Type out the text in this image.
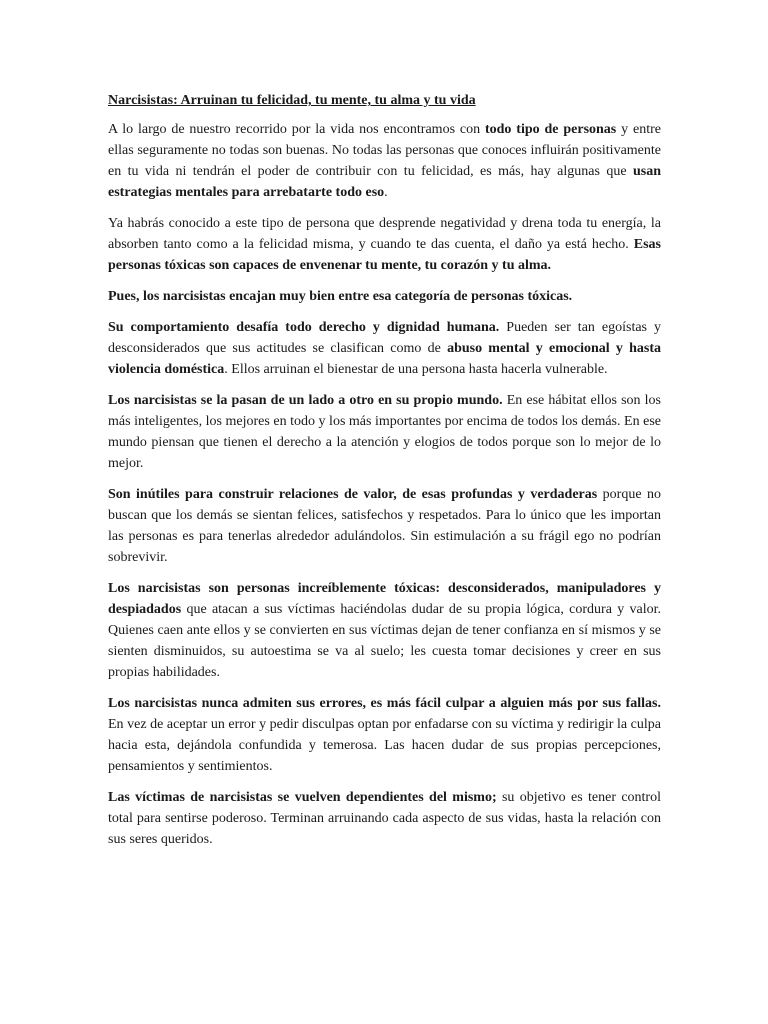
Narcisistas: Arruinan tu felicidad, tu mente, tu alma y tu vida

A lo largo de nuestro recorrido por la vida nos encontramos con todo tipo de personas y entre ellas seguramente no todas son buenas. No todas las personas que conoces influirán positivamente en tu vida ni tendrán el poder de contribuir con tu felicidad, es más, hay algunas que usan estrategias mentales para arrebatarte todo eso.

Ya habrás conocido a este tipo de persona que desprende negatividad y drena toda tu energía, la absorben tanto como a la felicidad misma, y cuando te das cuenta, el daño ya está hecho. Esas personas tóxicas son capaces de envenenar tu mente, tu corazón y tu alma.

Pues, los narcisistas encajan muy bien entre esa categoría de personas tóxicas.

Su comportamiento desafía todo derecho y dignidad humana. Pueden ser tan egoístas y desconsiderados que sus actitudes se clasifican como de abuso mental y emocional y hasta violencia doméstica. Ellos arruinan el bienestar de una persona hasta hacerla vulnerable.

Los narcisistas se la pasan de un lado a otro en su propio mundo. En ese hábitat ellos son los más inteligentes, los mejores en todo y los más importantes por encima de todos los demás. En ese mundo piensan que tienen el derecho a la atención y elogios de todos porque son lo mejor de lo mejor.

Son inútiles para construir relaciones de valor, de esas profundas y verdaderas porque no buscan que los demás se sientan felices, satisfechos y respetados. Para lo único que les importan las personas es para tenerlas alrededor adulándolos. Sin estimulación a su frágil ego no podrían sobrevivir.

Los narcisistas son personas increíblemente tóxicas: desconsiderados, manipuladores y despiadados que atacan a sus víctimas haciéndolas dudar de su propia lógica, cordura y valor. Quienes caen ante ellos y se convierten en sus víctimas dejan de tener confianza en sí mismos y se sienten disminuidos, su autoestima se va al suelo; les cuesta tomar decisiones y creer en sus propias habilidades.

Los narcisistas nunca admiten sus errores, es más fácil culpar a alguien más por sus fallas. En vez de aceptar un error y pedir disculpas optan por enfadarse con su víctima y redirigir la culpa hacia esta, dejándola confundida y temerosa. Las hacen dudar de sus propias percepciones, pensamientos y sentimientos.

Las víctimas de narcisistas se vuelven dependientes del mismo; su objetivo es tener control total para sentirse poderoso. Terminan arruinando cada aspecto de sus vidas, hasta la relación con sus seres queridos.
